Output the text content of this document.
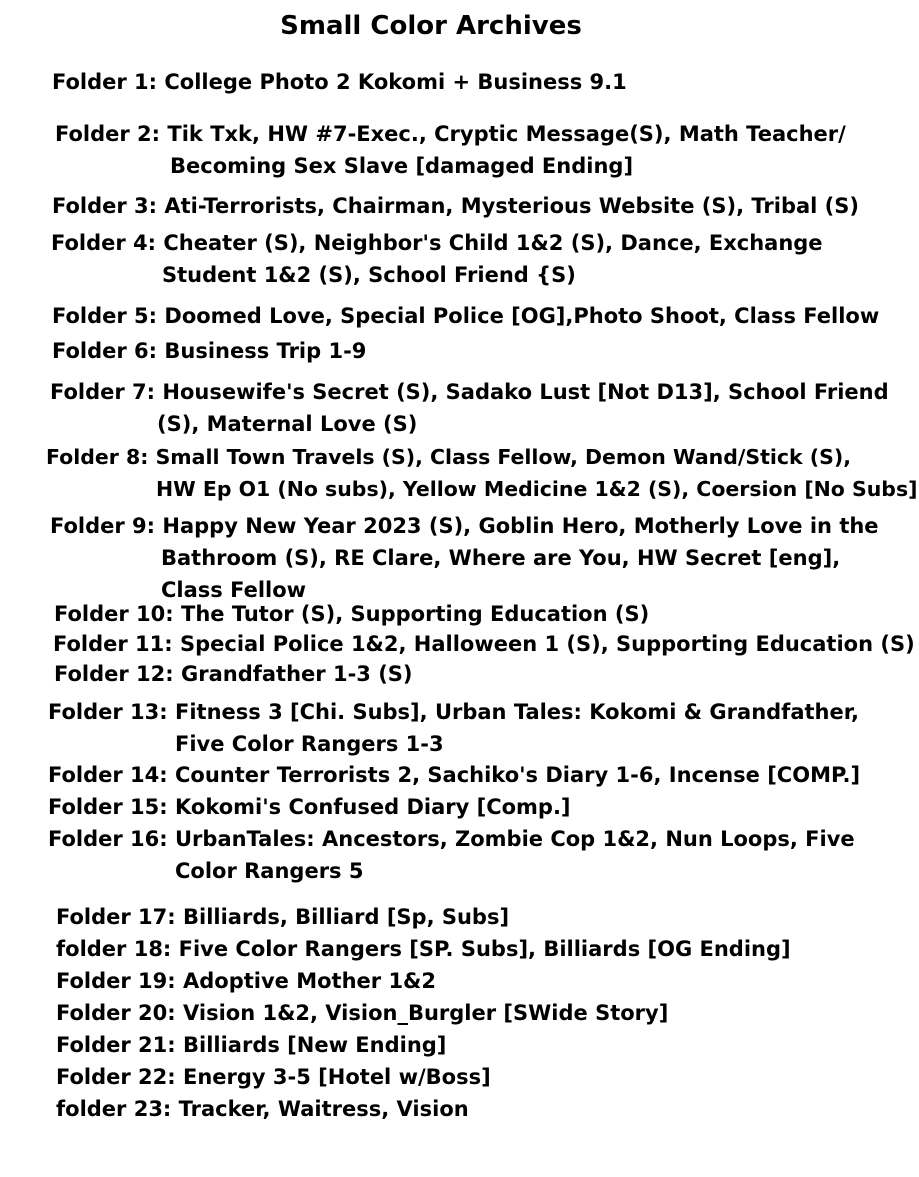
Small Color Archives
Folder 1: College Photo 2 Kokomi + Business 9.1
Folder 2: Tik Txk, HW #7-Exec., Cryptic Message(S), Math Teacher/
Becoming Sex Slave [damaged Ending]
Folder 3: Ati-Terrorists, Chairman, Mysterious Website (S), Tribal (S)
Folder 4: Cheater (S), Neighbor's Child 1&2 (S), Dance, Exchange
Student 1&2 (S), School Friend {S)
Folder 5: Doomed Love, Special Police [OG],Photo Shoot, Class Fellow
Folder 6: Business Trip 1-9
Folder 7: Housewife's Secret (S), Sadako Lust [Not D13], School Friend
(S), Maternal Love (S)
Folder 8: Small Town Travels (S), Class Fellow, Demon Wand/Stick (S),
HW Ep O1 (No subs), Yellow Medicine 1&2 (S), Coersion [No Subs]
Folder 9: Happy New Year 2023 (S), Goblin Hero, Motherly Love in the
Bathroom (S), RE Clare, Where are You, HW Secret [eng],
Class Fellow
Folder 10: The Tutor (S), Supporting Education (S)
Folder 11: Special Police 1&2, Halloween 1 (S), Supporting Education (S)
Folder 12: Grandfather 1-3 (S)
Folder 13: Fitness 3 [Chi. Subs], Urban Tales: Kokomi & Grandfather,
Five Color Rangers 1-3
Folder 14: Counter Terrorists 2, Sachiko's Diary 1-6, Incense [COMP.]
Folder 15: Kokomi's Confused Diary [Comp.]
Folder 16: UrbanTales: Ancestors, Zombie Cop 1&2, Nun Loops, Five
Color Rangers 5
Folder 17: Billiards, Billiard [Sp, Subs]
folder 18: Five Color Rangers [SP. Subs], Billiards [OG Ending]
Folder 19: Adoptive Mother 1&2
Folder 20: Vision 1&2, Vision_Burgler [SWide Story]
Folder 21: Billiards [New Ending]
Folder 22: Energy 3-5 [Hotel w/Boss]
folder 23: Tracker, Waitress, Vision
